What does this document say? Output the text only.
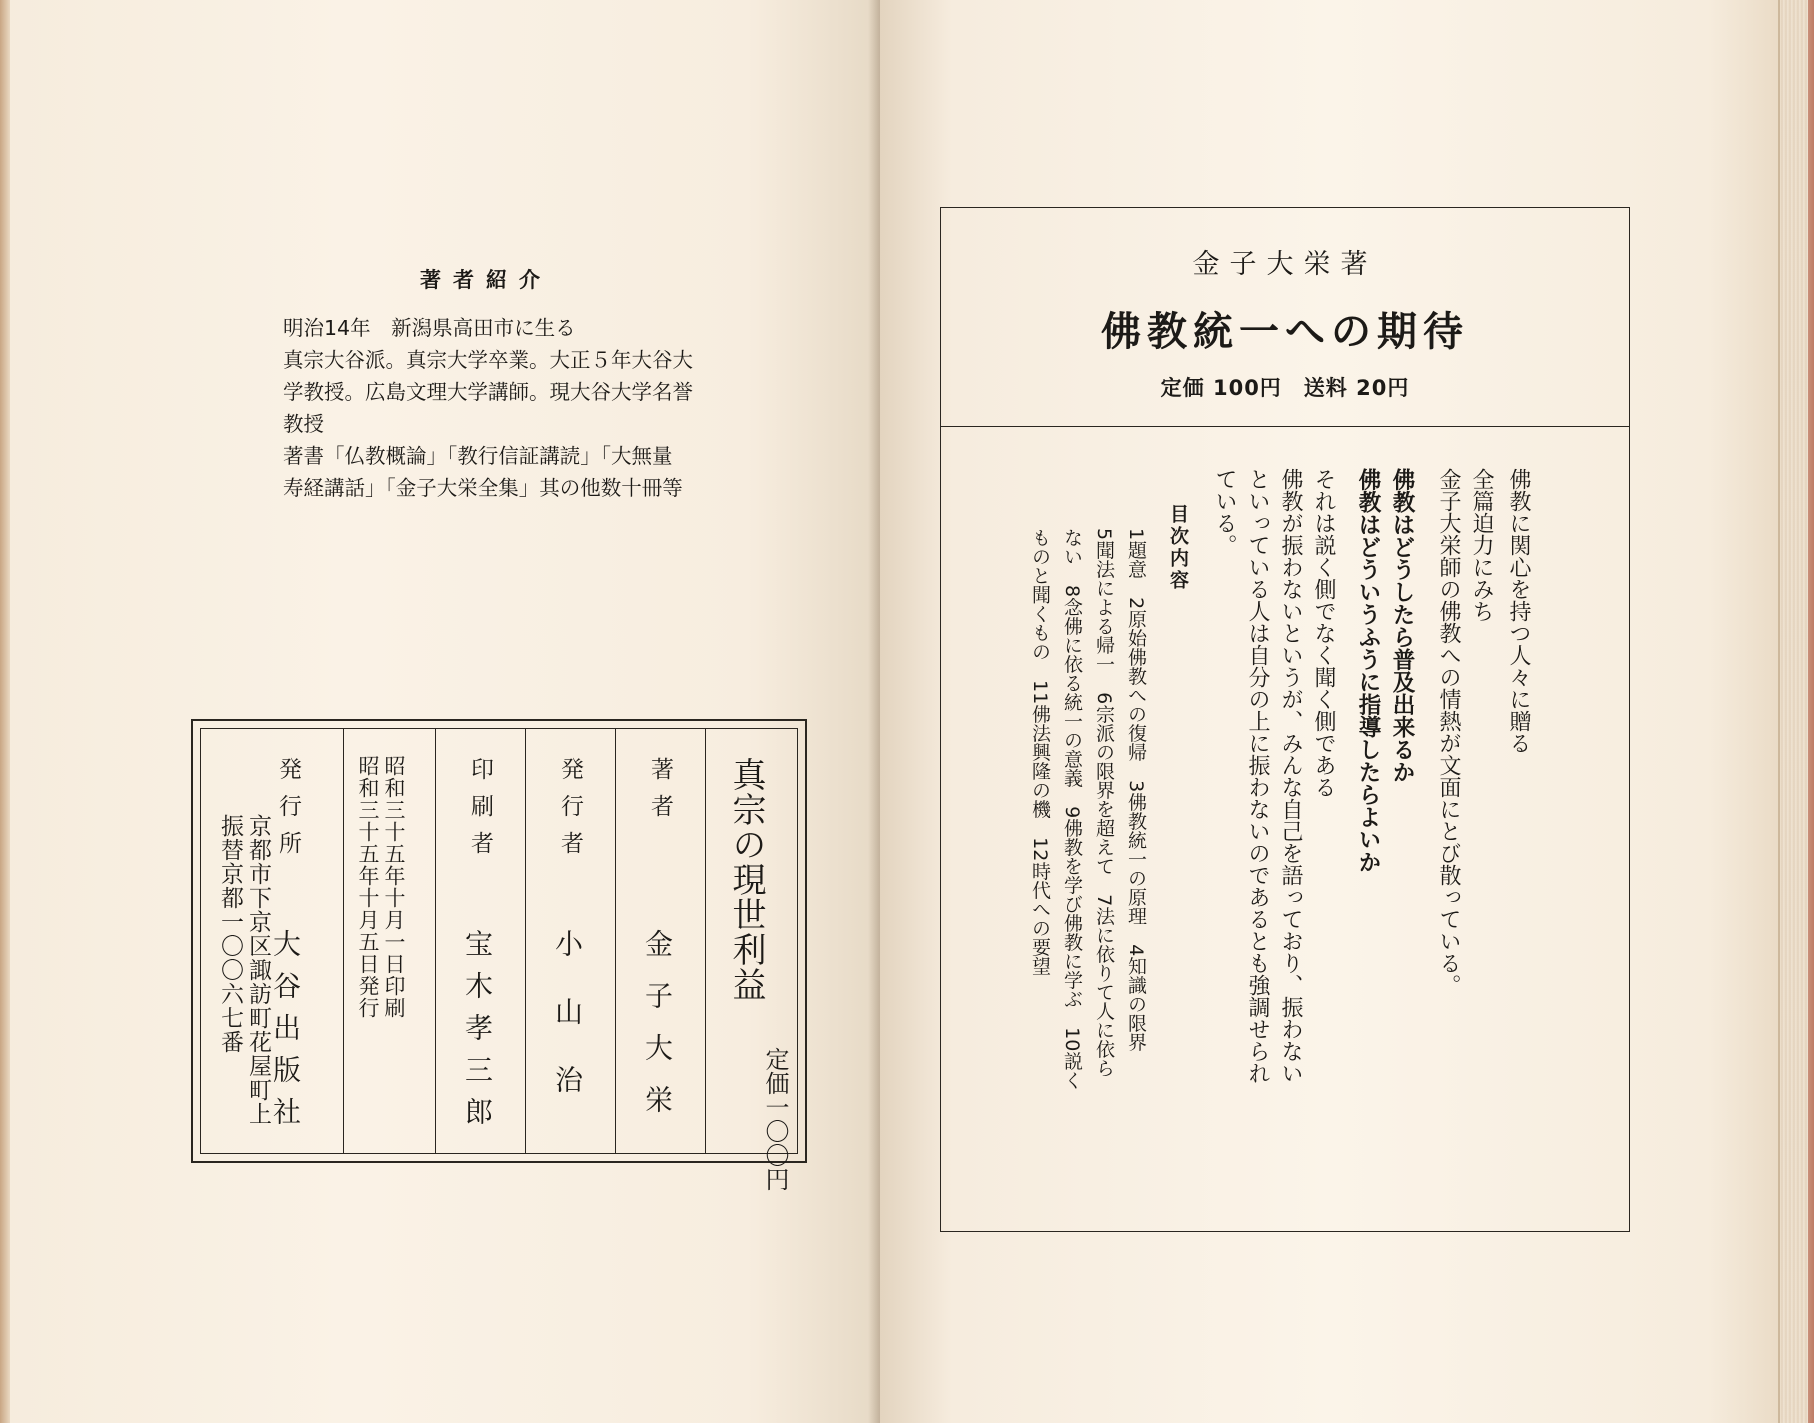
著者紹介
明治14年　新潟県高田市に生る
真宗大谷派。真宗大学卒業。大正５年大谷大
学教授。広島文理大学講師。現大谷大学名誉
教授
著書「仏教概論」「教行信証講読」「大無量
寿経講話」「金子大栄全集」其の他数十冊等
真宗の現世利益
定価一〇〇円
著者
金子大栄
発行者
小山治
印刷者
宝木孝三郎
昭和三十五年十月一日印刷
昭和三十五年十月五日発行
発行所
大谷出版社
京都市下京区諏訪町花屋町上
振替京都一〇〇六七番
金子大栄著
佛教統一への期待
定価 100円　送料 20円
佛教に関心を持つ人々に贈る
全篇迫力にみち
金子大栄師の佛教への情熱が文面にとび散っている。
佛教はどうしたら普及出来るか
佛教はどういうふうに指導したらよいか
それは説く側でなく聞く側である
佛教が振わないというが、みんな自己を語っており、振わない
といっている人は自分の上に振わないのであるとも強調せられ
ている。
目次内容
1題意　2原始佛教への復帰　3佛教統一の原理　4知識の限界
5聞法による帰一　6宗派の限界を超えて　7法に依りて人に依ら
ない　8念佛に依る統一の意義　9佛教を学び佛教に学ぶ　10説く
ものと聞くもの　11佛法興隆の機　12時代への要望
